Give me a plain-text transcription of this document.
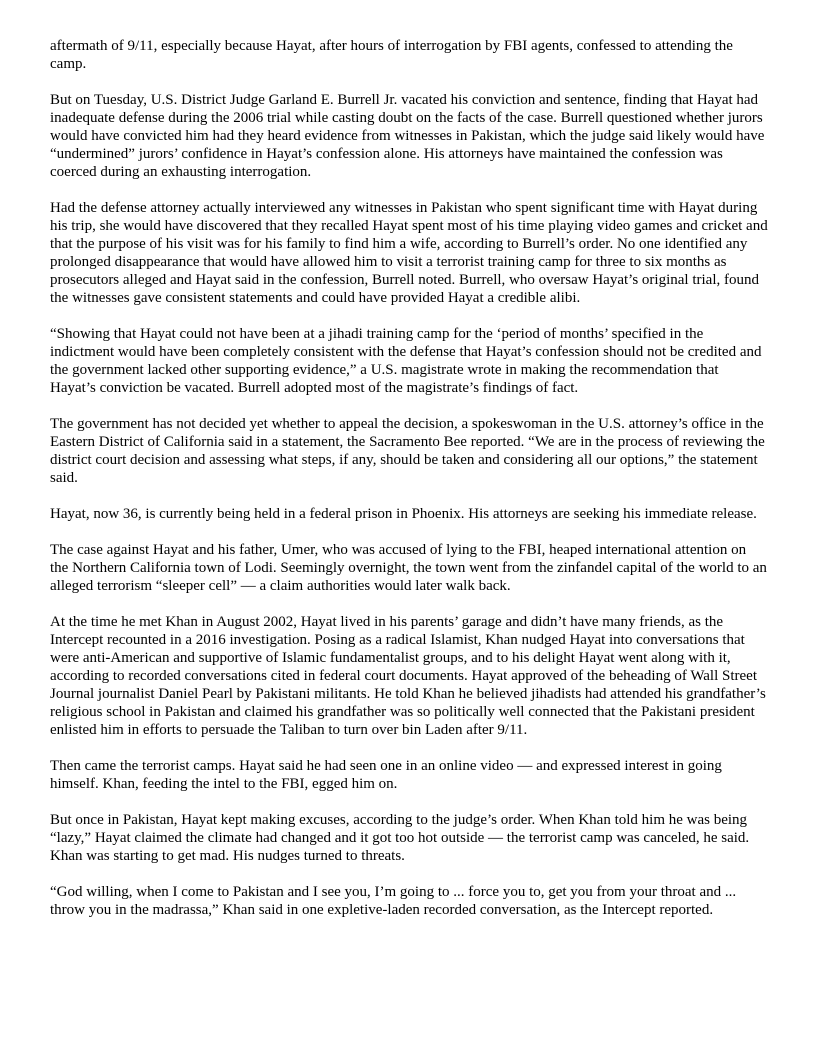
aftermath of 9/11, especially because Hayat, after hours of interrogation by FBI agents, confessed to attending the camp.

But on Tuesday, U.S. District Judge Garland E. Burrell Jr. vacated his conviction and sentence, finding that Hayat had inadequate defense during the 2006 trial while casting doubt on the facts of the case. Burrell questioned whether jurors would have convicted him had they heard evidence from witnesses in Pakistan, which the judge said likely would have “undermined” jurors’ confidence in Hayat’s confession alone. His attorneys have maintained the confession was coerced during an exhausting interrogation.

Had the defense attorney actually interviewed any witnesses in Pakistan who spent significant time with Hayat during his trip, she would have discovered that they recalled Hayat spent most of his time playing video games and cricket and that the purpose of his visit was for his family to find him a wife, according to Burrell’s order. No one identified any prolonged disappearance that would have allowed him to visit a terrorist training camp for three to six months as prosecutors alleged and Hayat said in the confession, Burrell noted. Burrell, who oversaw Hayat’s original trial, found the witnesses gave consistent statements and could have provided Hayat a credible alibi.

“Showing that Hayat could not have been at a jihadi training camp for the ‘period of months’ specified in the indictment would have been completely consistent with the defense that Hayat’s confession should not be credited and the government lacked other supporting evidence,” a U.S. magistrate wrote in making the recommendation that Hayat’s conviction be vacated. Burrell adopted most of the magistrate’s findings of fact.

The government has not decided yet whether to appeal the decision, a spokeswoman in the U.S. attorney’s office in the Eastern District of California said in a statement, the Sacramento Bee reported. “We are in the process of reviewing the district court decision and assessing what steps, if any, should be taken and considering all our options,” the statement said.

Hayat, now 36, is currently being held in a federal prison in Phoenix. His attorneys are seeking his immediate release.

The case against Hayat and his father, Umer, who was accused of lying to the FBI, heaped international attention on the Northern California town of Lodi. Seemingly overnight, the town went from the zinfandel capital of the world to an alleged terrorism “sleeper cell” — a claim authorities would later walk back.

At the time he met Khan in August 2002, Hayat lived in his parents’ garage and didn’t have many friends, as the Intercept recounted in a 2016 investigation. Posing as a radical Islamist, Khan nudged Hayat into conversations that were anti-American and supportive of Islamic fundamentalist groups, and to his delight Hayat went along with it, according to recorded conversations cited in federal court documents. Hayat approved of the beheading of Wall Street Journal journalist Daniel Pearl by Pakistani militants. He told Khan he believed jihadists had attended his grandfather’s religious school in Pakistan and claimed his grandfather was so politically well connected that the Pakistani president enlisted him in efforts to persuade the Taliban to turn over bin Laden after 9/11.

Then came the terrorist camps. Hayat said he had seen one in an online video — and expressed interest in going himself. Khan, feeding the intel to the FBI, egged him on.

But once in Pakistan, Hayat kept making excuses, according to the judge’s order. When Khan told him he was being “lazy,” Hayat claimed the climate had changed and it got too hot outside — the terrorist camp was canceled, he said. Khan was starting to get mad. His nudges turned to threats.

“God willing, when I come to Pakistan and I see you, I’m going to ... force you to, get you from your throat and ... throw you in the madrassa,” Khan said in one expletive-laden recorded conversation, as the Intercept reported.
